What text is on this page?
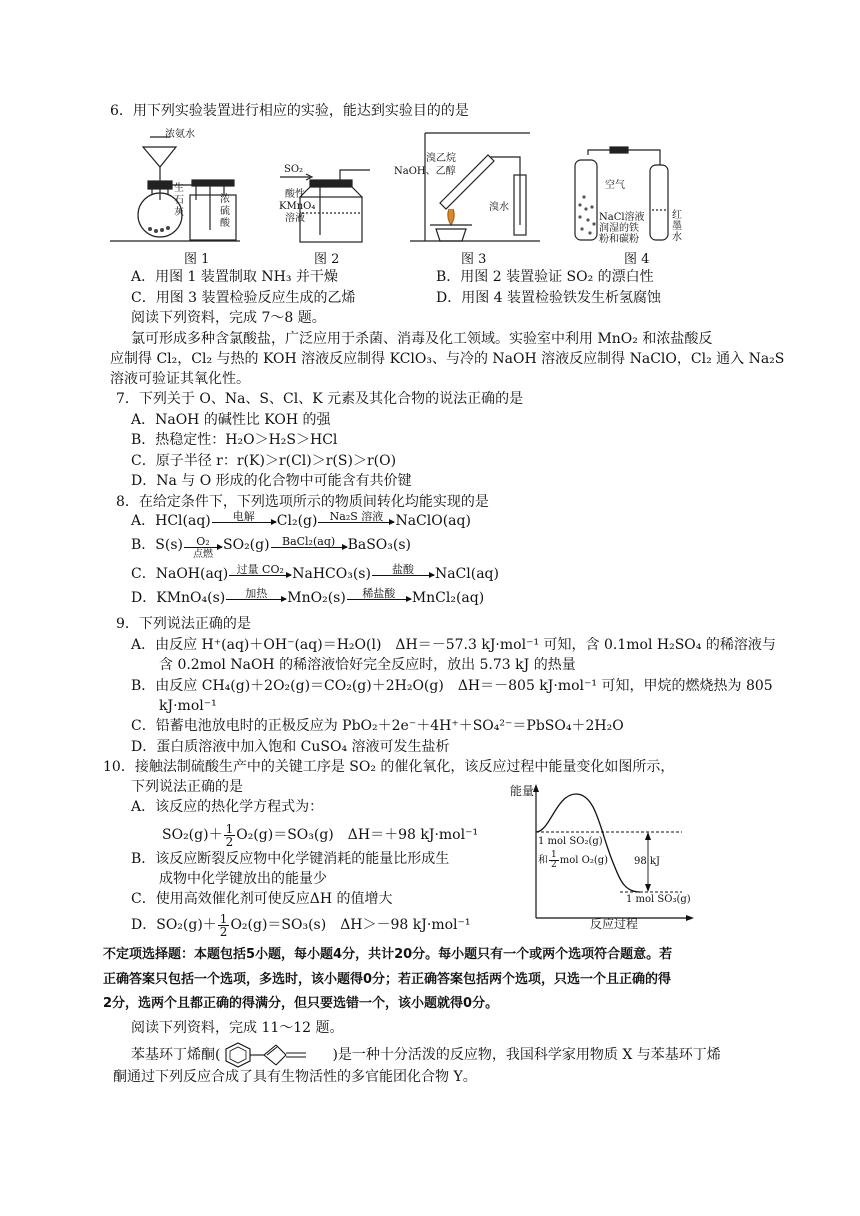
6．用下列实验装置进行相应的实验，能达到实验目的的是
浓氨水
生
石
灰
浓
硫
酸
SO₂
酸性
KMnO₄
溶液
溴乙烷
NaOH、乙醇
溴水
空气
NaCl溶液
润湿的铁
粉和碳粉
红
墨
水
图 1	图 2	图 3	图 4
A．用图 1 装置制取 NH₃ 并干燥	B．用图 2 装置验证 SO₂ 的漂白性
C．用图 3 装置检验反应生成的乙烯	D．用图 4 装置检验铁发生析氢腐蚀
阅读下列资料，完成 7～8 题。
氯可形成多种含氯酸盐，广泛应用于杀菌、消毒及化工领域。实验室中利用 MnO₂ 和浓盐酸反
应制得 Cl₂，Cl₂ 与热的 KOH 溶液反应制得 KClO₃、与冷的 NaOH 溶液反应制得 NaClO，Cl₂ 通入 Na₂S
溶液可验证其氧化性。
7．下列关于 O、Na、S、Cl、K 元素及其化合物的说法正确的是
A．NaOH 的碱性比 KOH 的强
B．热稳定性：H₂O＞H₂S＞HCl
C．原子半径 r：r(K)＞r(Cl)＞r(S)＞r(O)
D．Na 与 O 形成的化合物中可能含有共价键
8．在给定条件下，下列选项所示的物质间转化均能实现的是
A．HCl(aq)	电解
	Cl₂(g)	Na₂S 溶液
NaClO(aq)
B．S(s)	O₂
点燃
SO₂(g)	BaCl₂(aq)
BaSO₃(s)
C．NaOH(aq) 过量 CO₂
NaHCO₃(s)	盐酸
	NaCl(aq)
D．KMnO₄(s)	加热
	MnO₂(s)	稀盐酸
	MnCl₂(aq)
9．下列说法正确的是
A．由反应 H⁺(aq)＋OH⁻(aq)＝H₂O(l)　ΔH＝－57.3 kJ·mol⁻¹ 可知，含 0.1mol H₂SO₄ 的稀溶液与
含 0.2mol NaOH 的稀溶液恰好完全反应时，放出 5.73 kJ 的热量
B．由反应 CH₄(g)＋2O₂(g)＝CO₂(g)＋2H₂O(g)　ΔH＝－805 kJ·mol⁻¹ 可知，甲烷的燃烧热为 805
kJ·mol⁻¹
C．铅蓄电池放电时的正极反应为 PbO₂＋2e⁻＋4H⁺＋SO₄²⁻＝PbSO₄＋2H₂O
D．蛋白质溶液中加入饱和 CuSO₄ 溶液可发生盐析
10．接触法制硫酸生产中的关键工序是 SO₂ 的催化氧化，该反应过程中能量变化如图所示，
下列说法正确的是
A．该反应的热化学方程式为：
$SO_2(g)+ \frac{1}{2} O_2(g)=SO_3(g)$　ΔH＝＋98 kJ·mol⁻¹
B．该反应断裂反应物中化学键消耗的能量比形成生
成物中化学键放出的能量少
C．使用高效催化剂可使反应ΔH 的值增大
D．$SO_2(g)+ \frac{1}{2} O_2(g)=SO_3(s)$　ΔH＞－98 kJ·mol⁻¹
能量
反应过程
1 mol SO₂(g)
和 $\frac{1}{2}$ mol O₂(g)	98 kJ
1 mol SO₃(g)
不定项选择题：本题包括5小题，每小题4分，共计20分。每小题只有一个或两个选项符合题意。若
正确答案只包括一个选项，多选时，该小题得0分；若正确答案包括两个选项，只选一个且正确的得
2分，选两个且都正确的得满分，但只要选错一个，该小题就得0分。
阅读下列资料，完成 11～12 题。
苯基环丁烯酮(	)是一种十分活泼的反应物，我国科学家用物质 X 与苯基环丁烯
酮通过下列反应合成了具有生物活性的多官能团化合物 Y。
